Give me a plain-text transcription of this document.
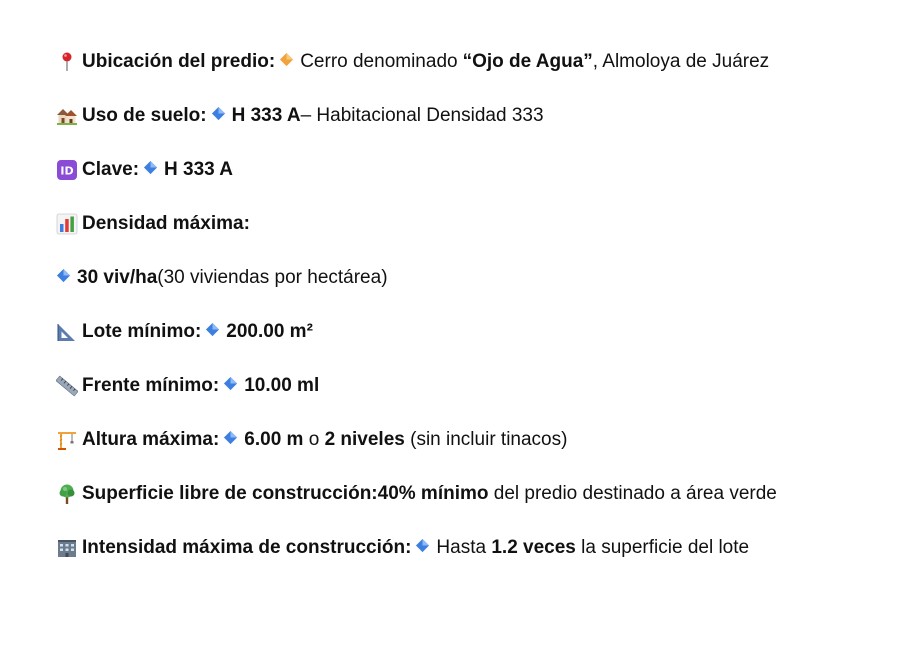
Ubicación del predio: Cerro denominado “Ojo de Agua” , Almoloya de Juárez
Uso de suelo: H 333 A – Habitacional Densidad 333
ID Clave: H 333 A
Densidad máxima:
30 viv/ha (30 viviendas por hectárea)
Lote mínimo: 200.00 m²
Frente mínimo: 10.00 ml
Altura máxima: 6.00 m o 2 niveles (sin incluir tinacos)
Superficie libre de construcción: 40% mínimo del predio destinado a área verde
Intensidad máxima de construcción: Hasta 1.2 veces la superficie del lote
